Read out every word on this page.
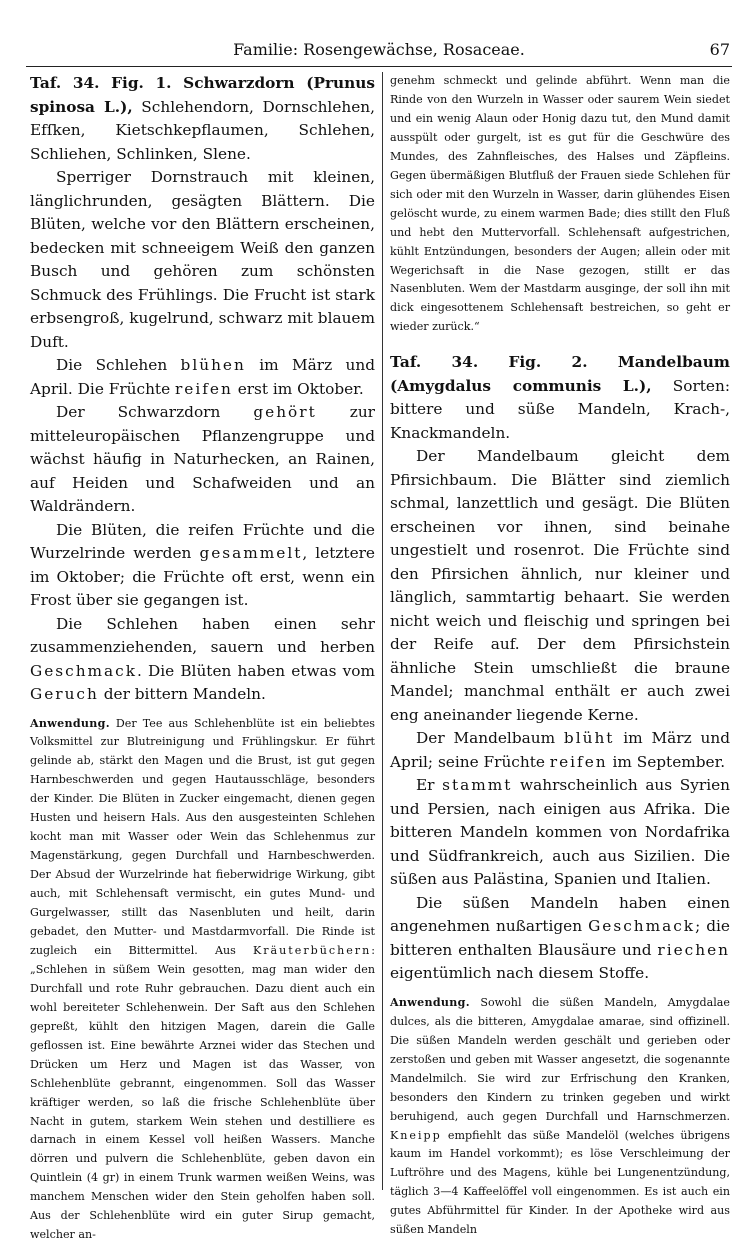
Familie: Rosengewächse, Rosaceae.	67

Taf. 34. Fig. 1. Schwarzdorn (Prunus spinosa L.), Schlehendorn, Dornschlehen, Efſken, Kietschkepflaumen, Schlehen, Schliehen, Schlinken, Slene.

Sperriger Dornstrauch mit kleinen, länglichrunden, gesägten Blättern. Die Blüten, welche vor den Blättern erscheinen, bedecken mit schneeigem Weiß den ganzen Busch und gehören zum schönsten Schmuck des Frühlings. Die Frucht ist stark erbsengroß, kugelrund, schwarz mit blauem Duft.

Die Schlehen blühen im März und April. Die Früchte reifen erst im Oktober.

Der Schwarzdorn gehört zur mitteleuropäischen Pflanzengruppe und wächst häufig in Naturhecken, an Rainen, auf Heiden und Schafweiden und an Waldrändern.

Die Blüten, die reifen Früchte und die Wurzelrinde werden gesammelt, letztere im Oktober; die Früchte oft erst, wenn ein Frost über sie gegangen ist.

Die Schlehen haben einen sehr zusammenziehenden, sauern und herben Geschmack. Die Blüten haben etwas vom Geruch der bittern Mandeln.

Anwendung. Der Tee aus Schlehenblüte ist ein beliebtes Volksmittel zur Blutreinigung und Frühlingskur. Er führt gelinde ab, stärkt den Magen und die Brust, ist gut gegen Harnbeschwerden und gegen Hautausschläge, besonders der Kinder. Die Blüten in Zucker eingemacht, dienen gegen Husten und heisern Hals. Aus den ausgesteinten Schlehen kocht man mit Wasser oder Wein das Schlehenmus zur Magenstärkung, gegen Durchfall und Harnbeschwerden. Der Absud der Wurzelrinde hat fieberwidrige Wirkung, gibt auch, mit Schlehensaft vermischt, ein gutes Mund- und Gurgelwasser, stillt das Nasenbluten und heilt, darin gebadet, den Mutter- und Mastdarmvorfall. Die Rinde ist zugleich ein Bittermittel. Aus Kräuterbüchern: „Schlehen in süßem Wein gesotten, mag man wider den Durchfall und rote Ruhr gebrauchen. Dazu dient auch ein wohl bereiteter Schlehenwein. Der Saft aus den Schlehen gepreßt, kühlt den hitzigen Magen, darein die Galle geflossen ist. Eine bewährte Arznei wider das Stechen und Drücken um Herz und Magen ist das Wasser, von Schlehenblüte gebrannt, eingenommen. Soll das Wasser kräftiger werden, so laß die frische Schlehenblüte über Nacht in gutem, starkem Wein stehen und destilliere es darnach in einem Kessel voll heißen Wassers. Manche dörren und pulvern die Schlehenblüte, geben davon ein Quintlein (4 gr) in einem Trunk warmen weißen Weins, was manchem Menschen wider den Stein geholfen haben soll. Aus der Schlehenblüte wird ein guter Sirup gemacht, welcher an-

genehm schmeckt und gelinde abführt. Wenn man die Rinde von den Wurzeln in Wasser oder saurem Wein siedet und ein wenig Alaun oder Honig dazu tut, den Mund damit ausspült oder gurgelt, ist es gut für die Geschwüre des Mundes, des Zahnfleisches, des Halses und Zäpfleins. Gegen übermäßigen Blutfluß der Frauen siede Schlehen für sich oder mit den Wurzeln in Wasser, darin glühendes Eisen gelöscht wurde, zu einem warmen Bade; dies stillt den Fluß und hebt den Muttervorfall. Schlehensaft aufgestrichen, kühlt Entzündungen, besonders der Augen; allein oder mit Wegerichsaft in die Nase gezogen, stillt er das Nasenbluten. Wem der Mastdarm ausginge, der soll ihn mit dick eingesottenem Schlehensaft bestreichen, so geht er wieder zurück.“

Taf. 34. Fig. 2. Mandelbaum (Amygdalus communis L.), Sorten: bittere und süße Mandeln, Krach-, Knackmandeln.

Der Mandelbaum gleicht dem Pfirsichbaum. Die Blätter sind ziemlich schmal, lanzettlich und gesägt. Die Blüten erscheinen vor ihnen, sind beinahe ungestielt und rosenrot. Die Früchte sind den Pfirsichen ähnlich, nur kleiner und länglich, sammtartig behaart. Sie werden nicht weich und fleischig und springen bei der Reife auf. Der dem Pfirsichstein ähnliche Stein umschließt die braune Mandel; manchmal enthält er auch zwei eng aneinander liegende Kerne.

Der Mandelbaum blüht im März und April; seine Früchte reifen im September.

Er stammt wahrscheinlich aus Syrien und Persien, nach einigen aus Afrika. Die bitteren Mandeln kommen von Nordafrika und Südfrankreich, auch aus Sizilien. Die süßen aus Palästina, Spanien und Italien.

Die süßen Mandeln haben einen angenehmen nußartigen Geschmack; die bitteren enthalten Blausäure und riechen eigentümlich nach diesem Stoffe.

Anwendung. Sowohl die süßen Mandeln, Amygdalae dulces, als die bitteren, Amygdalae amarae, sind offizinell. Die süßen Mandeln werden geschält und gerieben oder zerstoßen und geben mit Wasser angesetzt, die sogenannte Mandelmilch. Sie wird zur Erfrischung den Kranken, besonders den Kindern zu trinken gegeben und wirkt beruhigend, auch gegen Durchfall und Harnschmerzen. Kneipp empfiehlt das süße Mandelöl (welches übrigens kaum im Handel vorkommt); es löse Verschleimung der Luftröhre und des Magens, kühle bei Lungenentzündung, täglich 3—4 Kaffeelöffel voll eingenommen. Es ist auch ein gutes Abführmittel für Kinder. In der Apotheke wird aus süßen Mandeln
